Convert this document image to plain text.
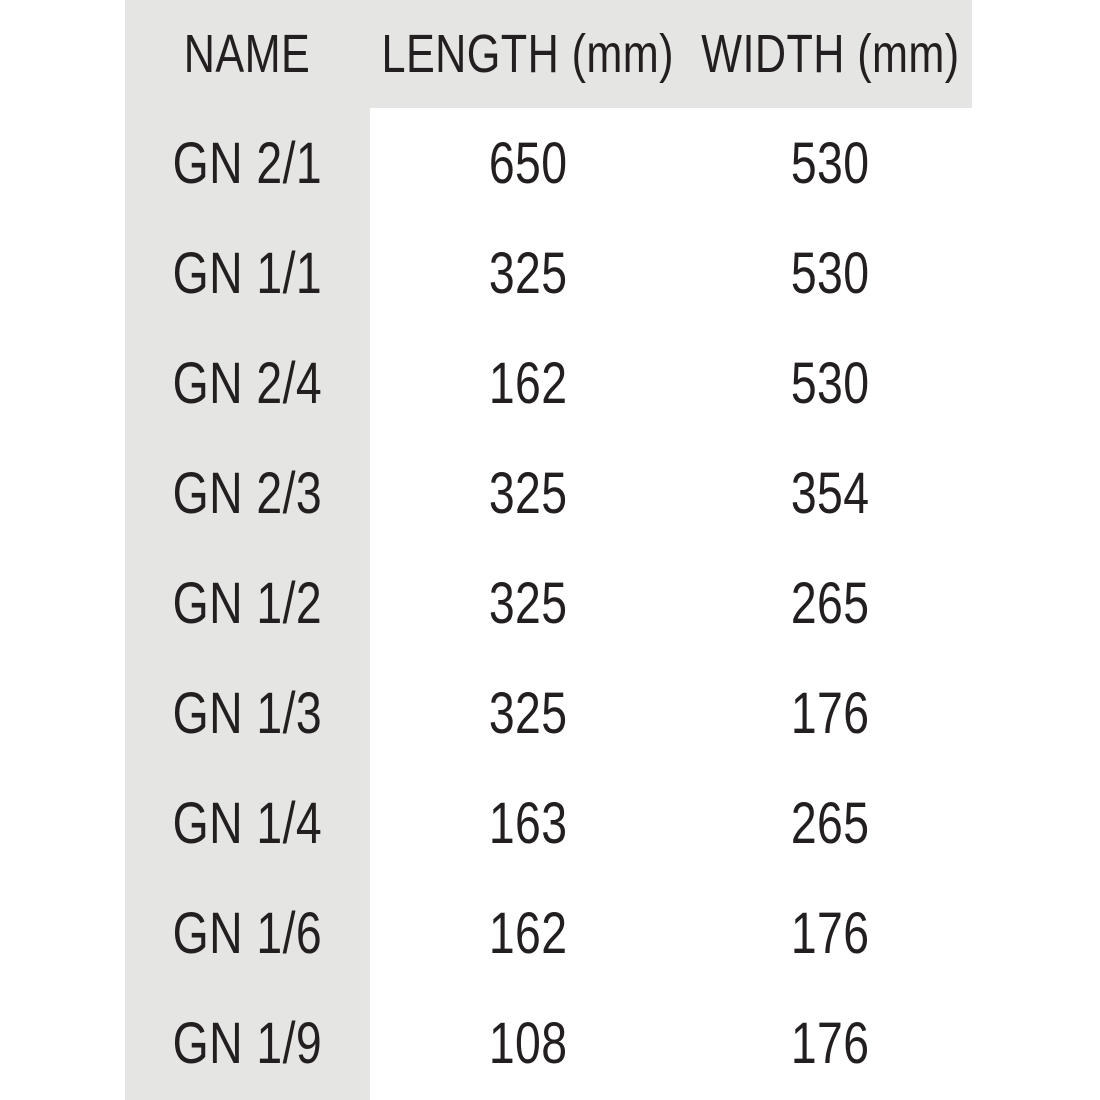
NAME LENGTH (mm) WIDTH (mm)
GN 2/1	650	530
GN 1/1	325	530
GN 2/4	162	530
GN 2/3	325	354
GN 1/2	325	265
GN 1/3	325	176
GN 1/4	163	265
GN 1/6	162	176
GN 1/9	108	176
